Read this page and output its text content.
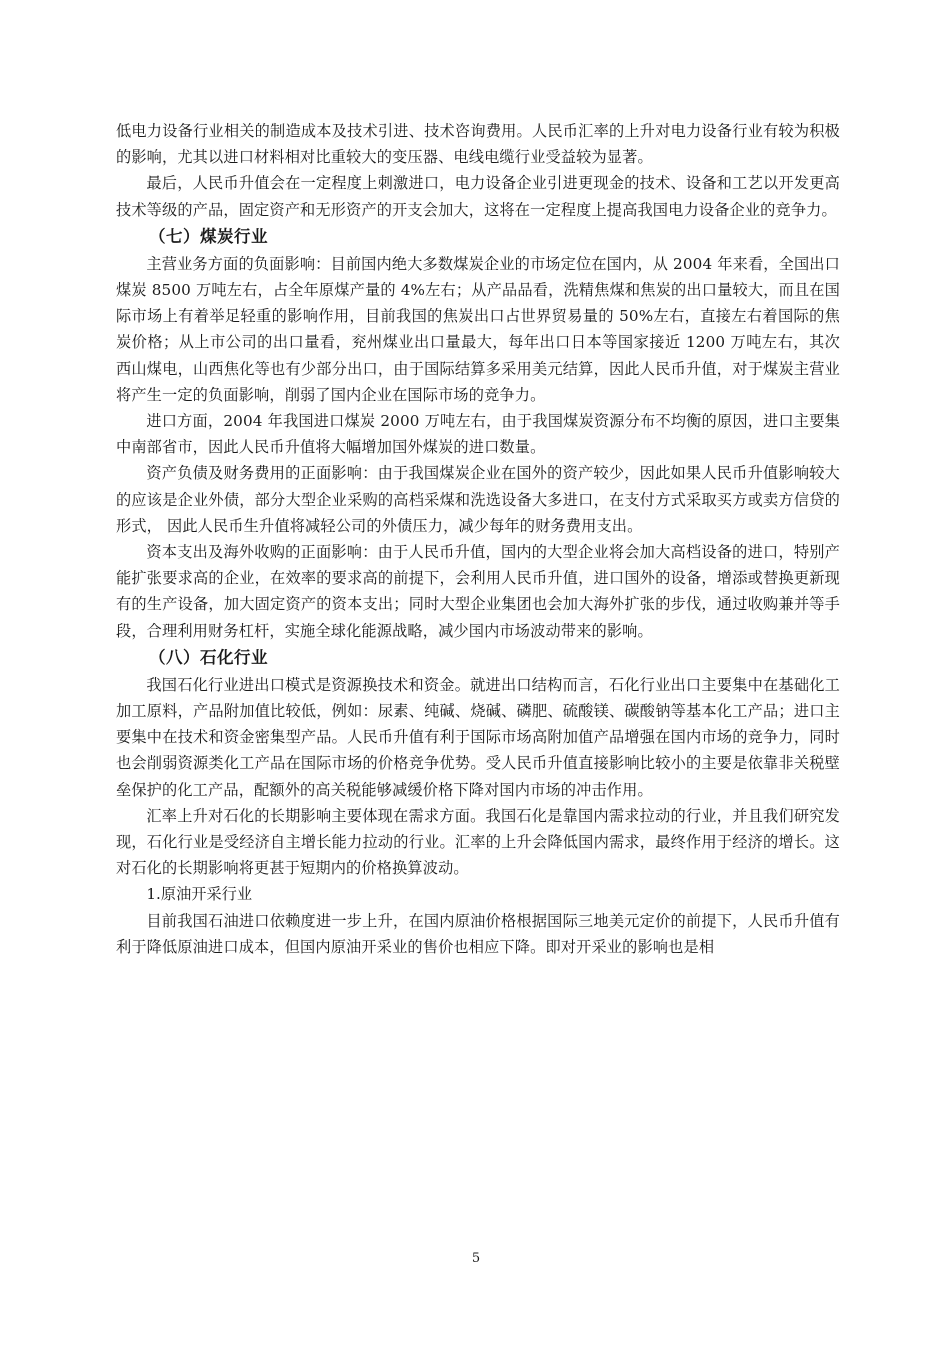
低电力设备行业相关的制造成本及技术引进、技术咨询费用。人民币汇率的上升对电力设备行业有较为积极的影响，尤其以进口材料相对比重较大的变压器、电线电缆行业受益较为显著。

最后，人民币升值会在一定程度上刺激进口，电力设备企业引进更现金的技术、设备和工艺以开发更高技术等级的产品，固定资产和无形资产的开支会加大，这将在一定程度上提高我国电力设备企业的竞争力。

（七）煤炭行业

主营业务方面的负面影响：目前国内绝大多数煤炭企业的市场定位在国内，从 2004 年来看，全国出口煤炭 8500 万吨左右，占全年原煤产量的 4%左右；从产品品看，洗精焦煤和焦炭的出口量较大，而且在国际市场上有着举足轻重的影响作用，目前我国的焦炭出口占世界贸易量的 50%左右，直接左右着国际的焦炭价格；从上市公司的出口量看，兖州煤业出口量最大，每年出口日本等国家接近 1200 万吨左右，其次西山煤电，山西焦化等也有少部分出口，由于国际结算多采用美元结算，因此人民币升值，对于煤炭主营业将产生一定的负面影响，削弱了国内企业在国际市场的竞争力。

进口方面，2004 年我国进口煤炭 2000 万吨左右，由于我国煤炭资源分布不均衡的原因，进口主要集中南部省市，因此人民币升值将大幅增加国外煤炭的进口数量。

资产负债及财务费用的正面影响：由于我国煤炭企业在国外的资产较少，因此如果人民币升值影响较大的应该是企业外债，部分大型企业采购的高档采煤和洗选设备大多进口，在支付方式采取买方或卖方信贷的形式， 因此人民币生升值将减轻公司的外债压力，减少每年的财务费用支出。

资本支出及海外收购的正面影响：由于人民币升值，国内的大型企业将会加大高档设备的进口，特别产能扩张要求高的企业，在效率的要求高的前提下，会利用人民币升值，进口国外的设备，增添或替换更新现有的生产设备，加大固定资产的资本支出；同时大型企业集团也会加大海外扩张的步伐，通过收购兼并等手段，合理利用财务杠杆，实施全球化能源战略，减少国内市场波动带来的影响。

（八）石化行业

我国石化行业进出口模式是资源换技术和资金。就进出口结构而言，石化行业出口主要集中在基础化工加工原料，产品附加值比较低，例如：尿素、纯碱、烧碱、磷肥、硫酸镁、碳酸钠等基本化工产品；进口主要集中在技术和资金密集型产品。人民币升值有利于国际市场高附加值产品增强在国内市场的竞争力，同时也会削弱资源类化工产品在国际市场的价格竞争优势。受人民币升值直接影响比较小的主要是依靠非关税壁垒保护的化工产品，配额外的高关税能够减缓价格下降对国内市场的冲击作用。

汇率上升对石化的长期影响主要体现在需求方面。我国石化是靠国内需求拉动的行业，并且我们研究发现，石化行业是受经济自主增长能力拉动的行业。汇率的上升会降低国内需求，最终作用于经济的增长。这对石化的长期影响将更甚于短期内的价格换算波动。

1.原油开采行业

目前我国石油进口依赖度进一步上升，在国内原油价格根据国际三地美元定价的前提下，人民币升值有利于降低原油进口成本，但国内原油开采业的售价也相应下降。即对开采业的影响也是相

5
